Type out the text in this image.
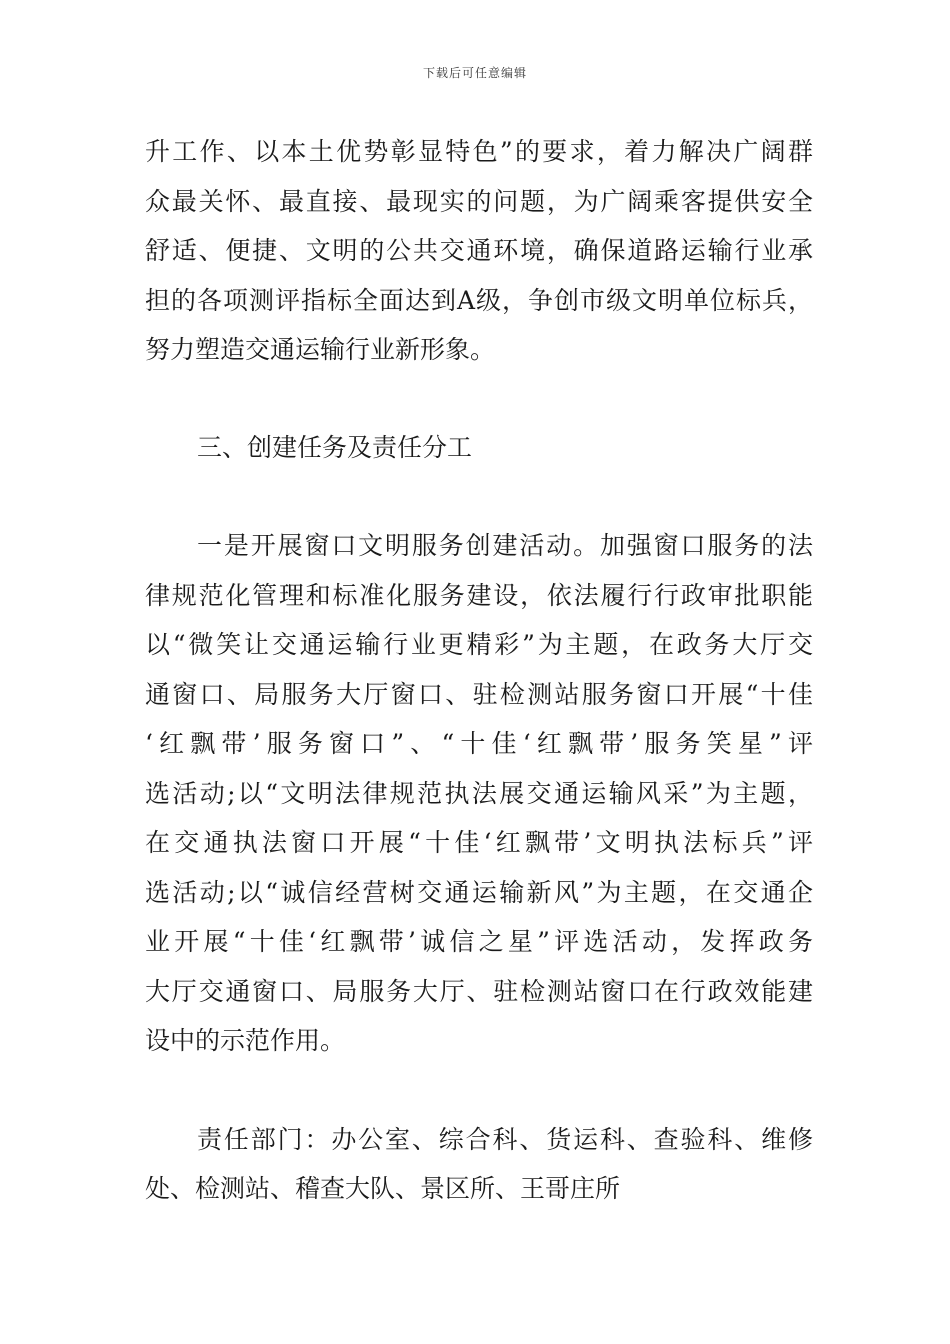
下载后可任意编辑
升工作、以本土优势彰显特色”的要求，着力解决广阔群
众最关怀、最直接、最现实的问题，为广阔乘客提供安全
舒适、便捷、文明的公共交通环境，确保道路运输行业承
担的各项测评指标全面达到A级，争创市级文明单位标兵，
努力塑造交通运输行业新形象。
三、创建任务及责任分工
一是开展窗口文明服务创建活动。加强窗口服务的法
律规范化管理和标准化服务建设，依法履行行政审批职能
以“微笑让交通运输行业更精彩”为主题，在政务大厅交
通窗口、局服务大厅窗口、驻检测站服务窗口开展“十佳
‘红飘带’服务窗口”、“十佳‘红飘带’服务笑星”评
选活动;以“文明法律规范执法展交通运输风采”为主题，
在交通执法窗口开展“十佳‘红飘带’文明执法标兵”评
选活动;以“诚信经营树交通运输新风”为主题，在交通企
业开展“十佳‘红飘带’诚信之星”评选活动，发挥政务
大厅交通窗口、局服务大厅、驻检测站窗口在行政效能建
设中的示范作用。
责任部门：办公室、综合科、货运科、查验科、维修
处、检测站、稽查大队、景区所、王哥庄所
